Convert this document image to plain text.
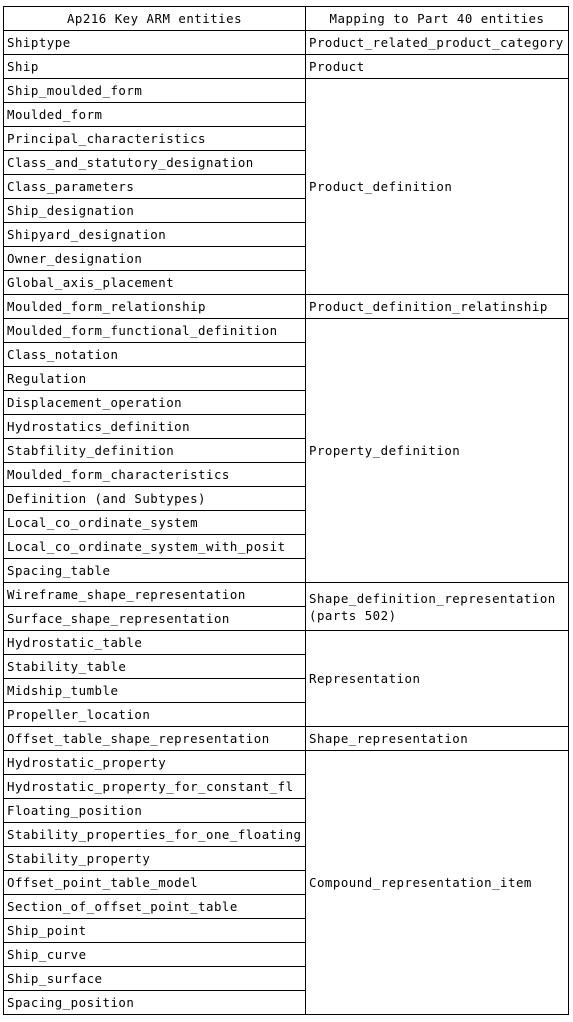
Ap216 Key ARM entities	Mapping to Part 40 entities
Shiptype	Product_related_product_category
Ship	Product
Ship_moulded_form	Product_definition
Moulded_form	
Principal_characteristics	
Class_and_statutory_designation	
Class_parameters	
Ship_designation	
Shipyard_designation	
Owner_designation	
Global_axis_placement	
Moulded_form_relationship	Product_definition_relatinship
Moulded_form_functional_definition	Property_definition
Class_notation	
Regulation	
Displacement_operation	
Hydrostatics_definition	
Stabfility_definition	
Moulded_form_characteristics	
Definition (and Subtypes)	
Local_co_ordinate_system	
Local_co_ordinate_system_with_posit	
Spacing_table	
Wireframe_shape_representation	Shape_definition_representation (parts 502)
Surface_shape_representation	
Hydrostatic_table	Representation
Stability_table	
Midship_tumble	
Propeller_location	
Offset_table_shape_representation	Shape_representation
Hydrostatic_property	Compound_representation_item
Hydrostatic_property_for_constant_fl	
Floating_position	
Stability_properties_for_one_floating	
Stability_property	
Offset_point_table_model	
Section_of_offset_point_table	
Ship_point	
Ship_curve	
Ship_surface	
Spacing_position	
